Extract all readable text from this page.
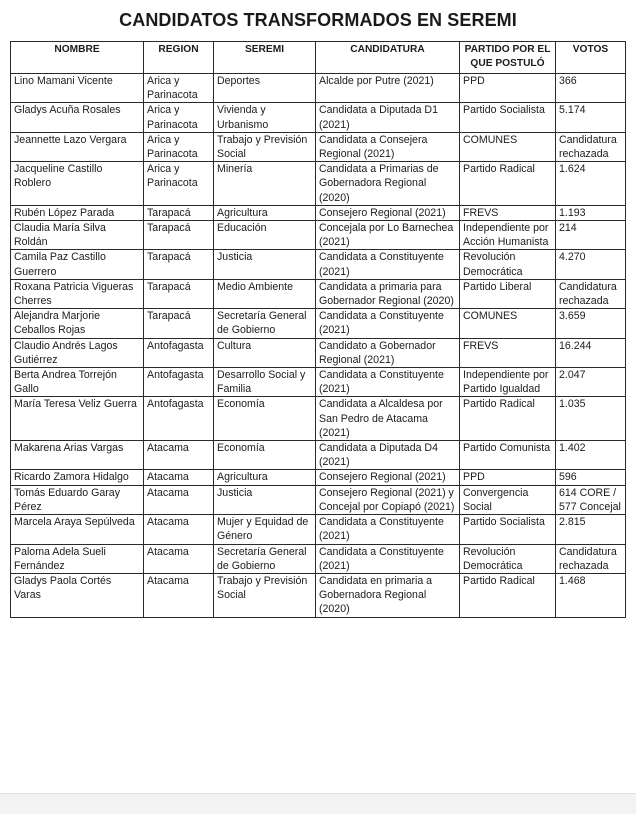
CANDIDATOS TRANSFORMADOS EN SEREMI
NOMBRE	REGION	SEREMI	CANDIDATURA	PARTIDO POR EL QUE POSTULÓ	VOTOS
Lino Mamani Vicente	Arica y Parinacota	Deportes	Alcalde por Putre (2021)	PPD	366
Gladys Acuña Rosales	Arica y Parinacota	Vivienda y Urbanismo	Candidata a Diputada D1 (2021)	Partido Socialista	5.174
Jeannette Lazo Vergara	Arica y Parinacota	Trabajo y Previsión Social	Candidata a Consejera Regional (2021)	COMUNES	Candidatura rechazada
Jacqueline Castillo Roblero	Arica y Parinacota	Minería	Candidata a Primarias de Gobernadora Regional (2020)	Partido Radical	1.624
Rubén López Parada	Tarapacá	Agricultura	Consejero Regional (2021)	FREVS	1.193
Claudia María Silva Roldán	Tarapacá	Educación	Concejala por Lo Barnechea (2021)	Independiente por Acción Humanista	214
Camila Paz Castillo Guerrero	Tarapacá	Justicia	Candidata a Constituyente (2021)	Revolución Democrática	4.270
Roxana Patricia Vigueras Cherres	Tarapacá	Medio Ambiente	Candidata a primaria para Gobernador Regional (2020)	Partido Liberal	Candidatura rechazada
Alejandra Marjorie Ceballos Rojas	Tarapacá	Secretaría General de Gobierno	Candidata a Constituyente (2021)	COMUNES	3.659
Claudio Andrés Lagos Gutiérrez	Antofagasta	Cultura	Candidato a Gobernador Regional (2021)	FREVS	16.244
Berta Andrea Torrejón Gallo	Antofagasta	Desarrollo Social y Familia	Candidata a Constituyente (2021)	Independiente por Partido Igualdad	2.047
María Teresa Veliz Guerra	Antofagasta	Economía	Candidata a Alcaldesa por San Pedro de Atacama (2021)	Partido Radical	1.035
Makarena Arias Vargas	Atacama	Economía	Candidata a Diputada D4 (2021)	Partido Comunista	1.402
Ricardo Zamora Hidalgo	Atacama	Agricultura	Consejero Regional (2021)	PPD	596
Tomás Eduardo Garay Pérez	Atacama	Justicia	Consejero Regional (2021) y Concejal por Copiapó (2021)	Convergencia Social	614 CORE / 577 Concejal
Marcela Araya Sepúlveda	Atacama	Mujer y Equidad de Género	Candidata a Constituyente (2021)	Partido Socialista	2.815
Paloma Adela Sueli Fernández	Atacama	Secretaría General de Gobierno	Candidata a Constituyente (2021)	Revolución Democrática	Candidatura rechazada
Gladys Paola Cortés Varas	Atacama	Trabajo y Previsión Social	Candidata en primaria a Gobernadora Regional (2020)	Partido Radical	1.468
